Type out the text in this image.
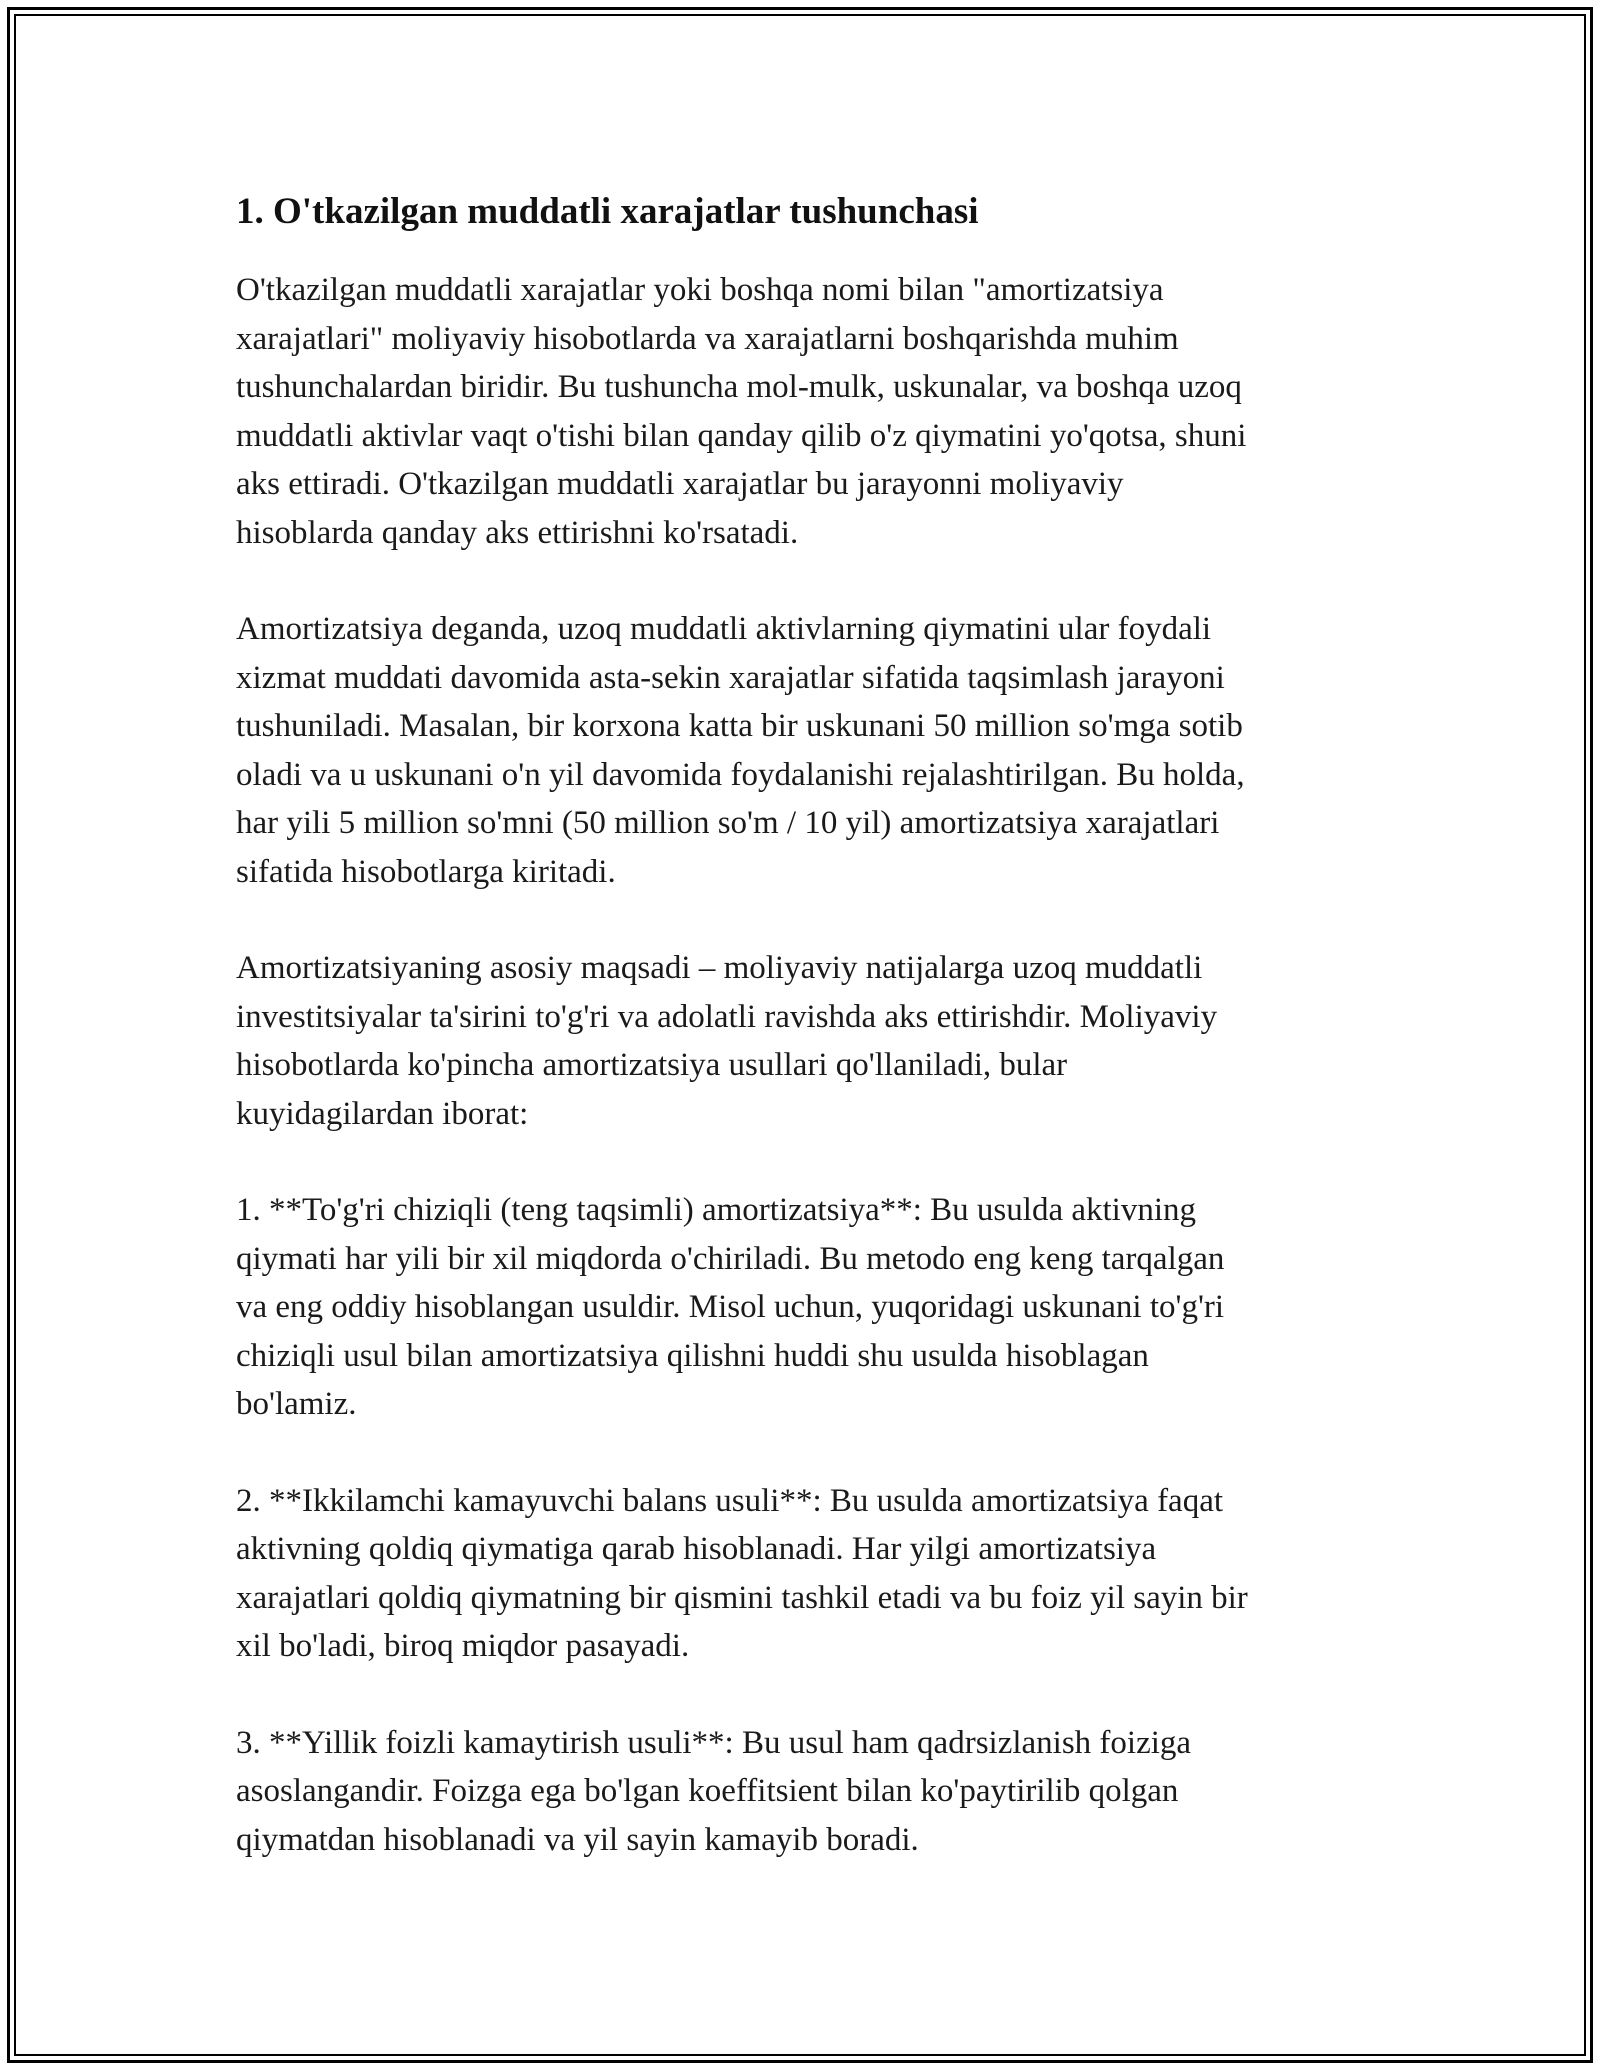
1. O'tkazilgan muddatli xarajatlar tushunchasi

O'tkazilgan muddatli xarajatlar yoki boshqa nomi bilan "amortizatsiya
xarajatlari" moliyaviy hisobotlarda va xarajatlarni boshqarishda muhim
tushunchalardan biridir. Bu tushuncha mol-mulk, uskunalar, va boshqa uzoq
muddatli aktivlar vaqt o'tishi bilan qanday qilib o'z qiymatini yo'qotsa, shuni
aks ettiradi. O'tkazilgan muddatli xarajatlar bu jarayonni moliyaviy
hisoblarda qanday aks ettirishni ko'rsatadi.

Amortizatsiya deganda, uzoq muddatli aktivlarning qiymatini ular foydali
xizmat muddati davomida asta-sekin xarajatlar sifatida taqsimlash jarayoni
tushuniladi. Masalan, bir korxona katta bir uskunani 50 million so'mga sotib
oladi va u uskunani o'n yil davomida foydalanishi rejalashtirilgan. Bu holda,
har yili 5 million so'mni (50 million so'm / 10 yil) amortizatsiya xarajatlari
sifatida hisobotlarga kiritadi.

Amortizatsiyaning asosiy maqsadi – moliyaviy natijalarga uzoq muddatli
investitsiyalar ta'sirini to'g'ri va adolatli ravishda aks ettirishdir. Moliyaviy
hisobotlarda ko'pincha amortizatsiya usullari qo'llaniladi, bular
kuyidagilardan iborat:

1. **To'g'ri chiziqli (teng taqsimli) amortizatsiya**: Bu usulda aktivning
qiymati har yili bir xil miqdorda o'chiriladi. Bu metodo eng keng tarqalgan
va eng oddiy hisoblangan usuldir. Misol uchun, yuqoridagi uskunani to'g'ri
chiziqli usul bilan amortizatsiya qilishni huddi shu usulda hisoblagan
bo'lamiz.

2. **Ikkilamchi kamayuvchi balans usuli**: Bu usulda amortizatsiya faqat
aktivning qoldiq qiymatiga qarab hisoblanadi. Har yilgi amortizatsiya
xarajatlari qoldiq qiymatning bir qismini tashkil etadi va bu foiz yil sayin bir
xil bo'ladi, biroq miqdor pasayadi.

3. **Yillik foizli kamaytirish usuli**: Bu usul ham qadrsizlanish foiziga
asoslangandir. Foizga ega bo'lgan koeffitsient bilan ko'paytirilib qolgan
qiymatdan hisoblanadi va yil sayin kamayib boradi.
